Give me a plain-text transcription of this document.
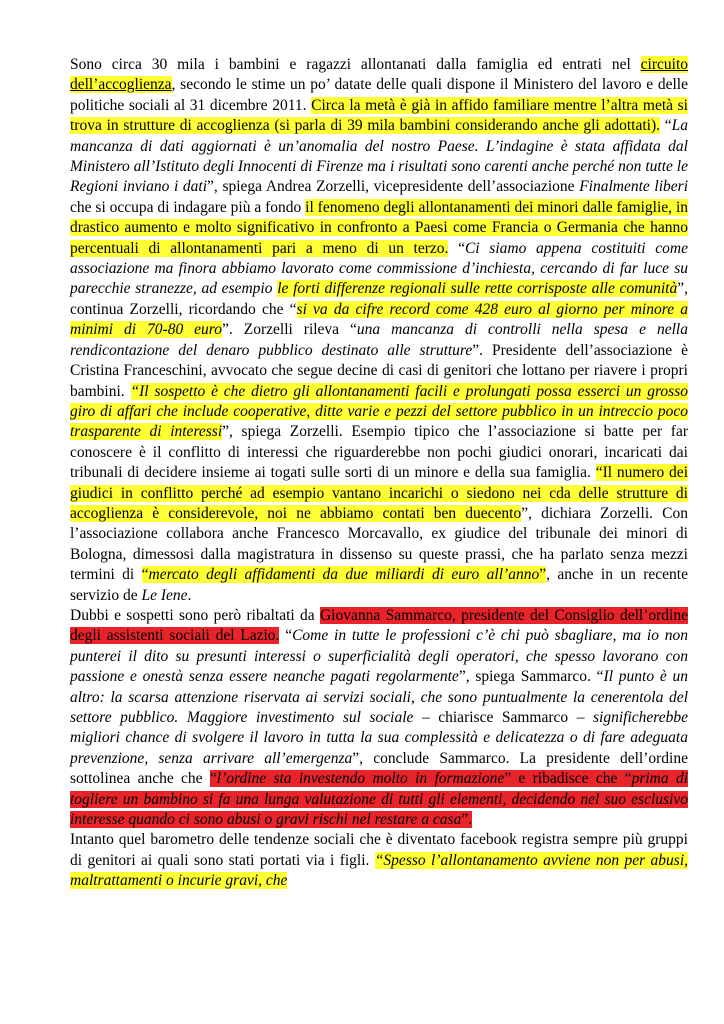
Sono circa 30 mila i bambini e ragazzi allontanati dalla famiglia ed entrati nel circuito dell’accoglienza, secondo le stime un po’ datate delle quali dispone il Ministero del lavoro e delle politiche sociali al 31 dicembre 2011. Circa la metà è già in affido familiare mentre l’altra metà si trova in strutture di accoglienza (si parla di 39 mila bambini considerando anche gli adottati). “La mancanza di dati aggiornati è un’anomalia del nostro Paese. L’indagine è stata affidata dal Ministero all’Istituto degli Innocenti di Firenze ma i risultati sono carenti anche perché non tutte le Regioni inviano i dati”, spiega Andrea Zorzelli, vicepresidente dell’associazione Finalmente liberi che si occupa di indagare più a fondo il fenomeno degli allontanamenti dei minori dalle famiglie, in drastico aumento e molto significativo in confronto a Paesi come Francia o Germania che hanno percentuali di allontanamenti pari a meno di un terzo. “Ci siamo appena costituiti come associazione ma finora abbiamo lavorato come commissione d’inchiesta, cercando di far luce su parecchie stranezze, ad esempio le forti differenze regionali sulle rette corrisposte alle comunità”, continua Zorzelli, ricordando che “si va da cifre record come 428 euro al giorno per minore a minimi di 70-80 euro”. Zorzelli rileva “una mancanza di controlli nella spesa e nella rendicontazione del denaro pubblico destinato alle strutture”. Presidente dell’associazione è Cristina Franceschini, avvocato che segue decine di casi di genitori che lottano per riavere i propri bambini. “Il sospetto è che dietro gli allontanamenti facili e prolungati possa esserci un grosso giro di affari che include cooperative, ditte varie e pezzi del settore pubblico in un intreccio poco trasparente di interessi”, spiega Zorzelli. Esempio tipico che l’associazione si batte per far conoscere è il conflitto di interessi che riguarderebbe non pochi giudici onorari, incaricati dai tribunali di decidere insieme ai togati sulle sorti di un minore e della sua famiglia. “Il numero dei giudici in conflitto perché ad esempio vantano incarichi o siedono nei cda delle strutture di accoglienza è considerevole, noi ne abbiamo contati ben duecento”, dichiara Zorzelli. Con l’associazione collabora anche Francesco Morcavallo, ex giudice del tribunale dei minori di Bologna, dimessosi dalla magistratura in dissenso su queste prassi, che ha parlato senza mezzi termini di “mercato degli affidamenti da due miliardi di euro all’anno”, anche in un recente servizio de Le Iene.

Dubbi e sospetti sono però ribaltati da Giovanna Sammarco, presidente del Consiglio dell’ordine degli assistenti sociali del Lazio. “Come in tutte le professioni c’è chi può sbagliare, ma io non punterei il dito su presunti interessi o superficialità degli operatori, che spesso lavorano con passione e onestà senza essere neanche pagati regolarmente”, spiega Sammarco. “Il punto è un altro: la scarsa attenzione riservata ai servizi sociali, che sono puntualmente la cenerentola del settore pubblico. Maggiore investimento sul sociale – chiarisce Sammarco – significherebbe migliori chance di svolgere il lavoro in tutta la sua complessità e delicatezza o di fare adeguata prevenzione, senza arrivare all’emergenza”, conclude Sammarco. La presidente dell’ordine sottolinea anche che “l’ordine sta investendo molto in formazione” e ribadisce che “prima di togliere un bambino si fa una lunga valutazione di tutti gli elementi, decidendo nel suo esclusivo interesse quando ci sono abusi o gravi rischi nel restare a casa”.

Intanto quel barometro delle tendenze sociali che è diventato facebook registra sempre più gruppi di genitori ai quali sono stati portati via i figli. “Spesso l’allontanamento avviene non per abusi, maltrattamenti o incurie gravi, che
